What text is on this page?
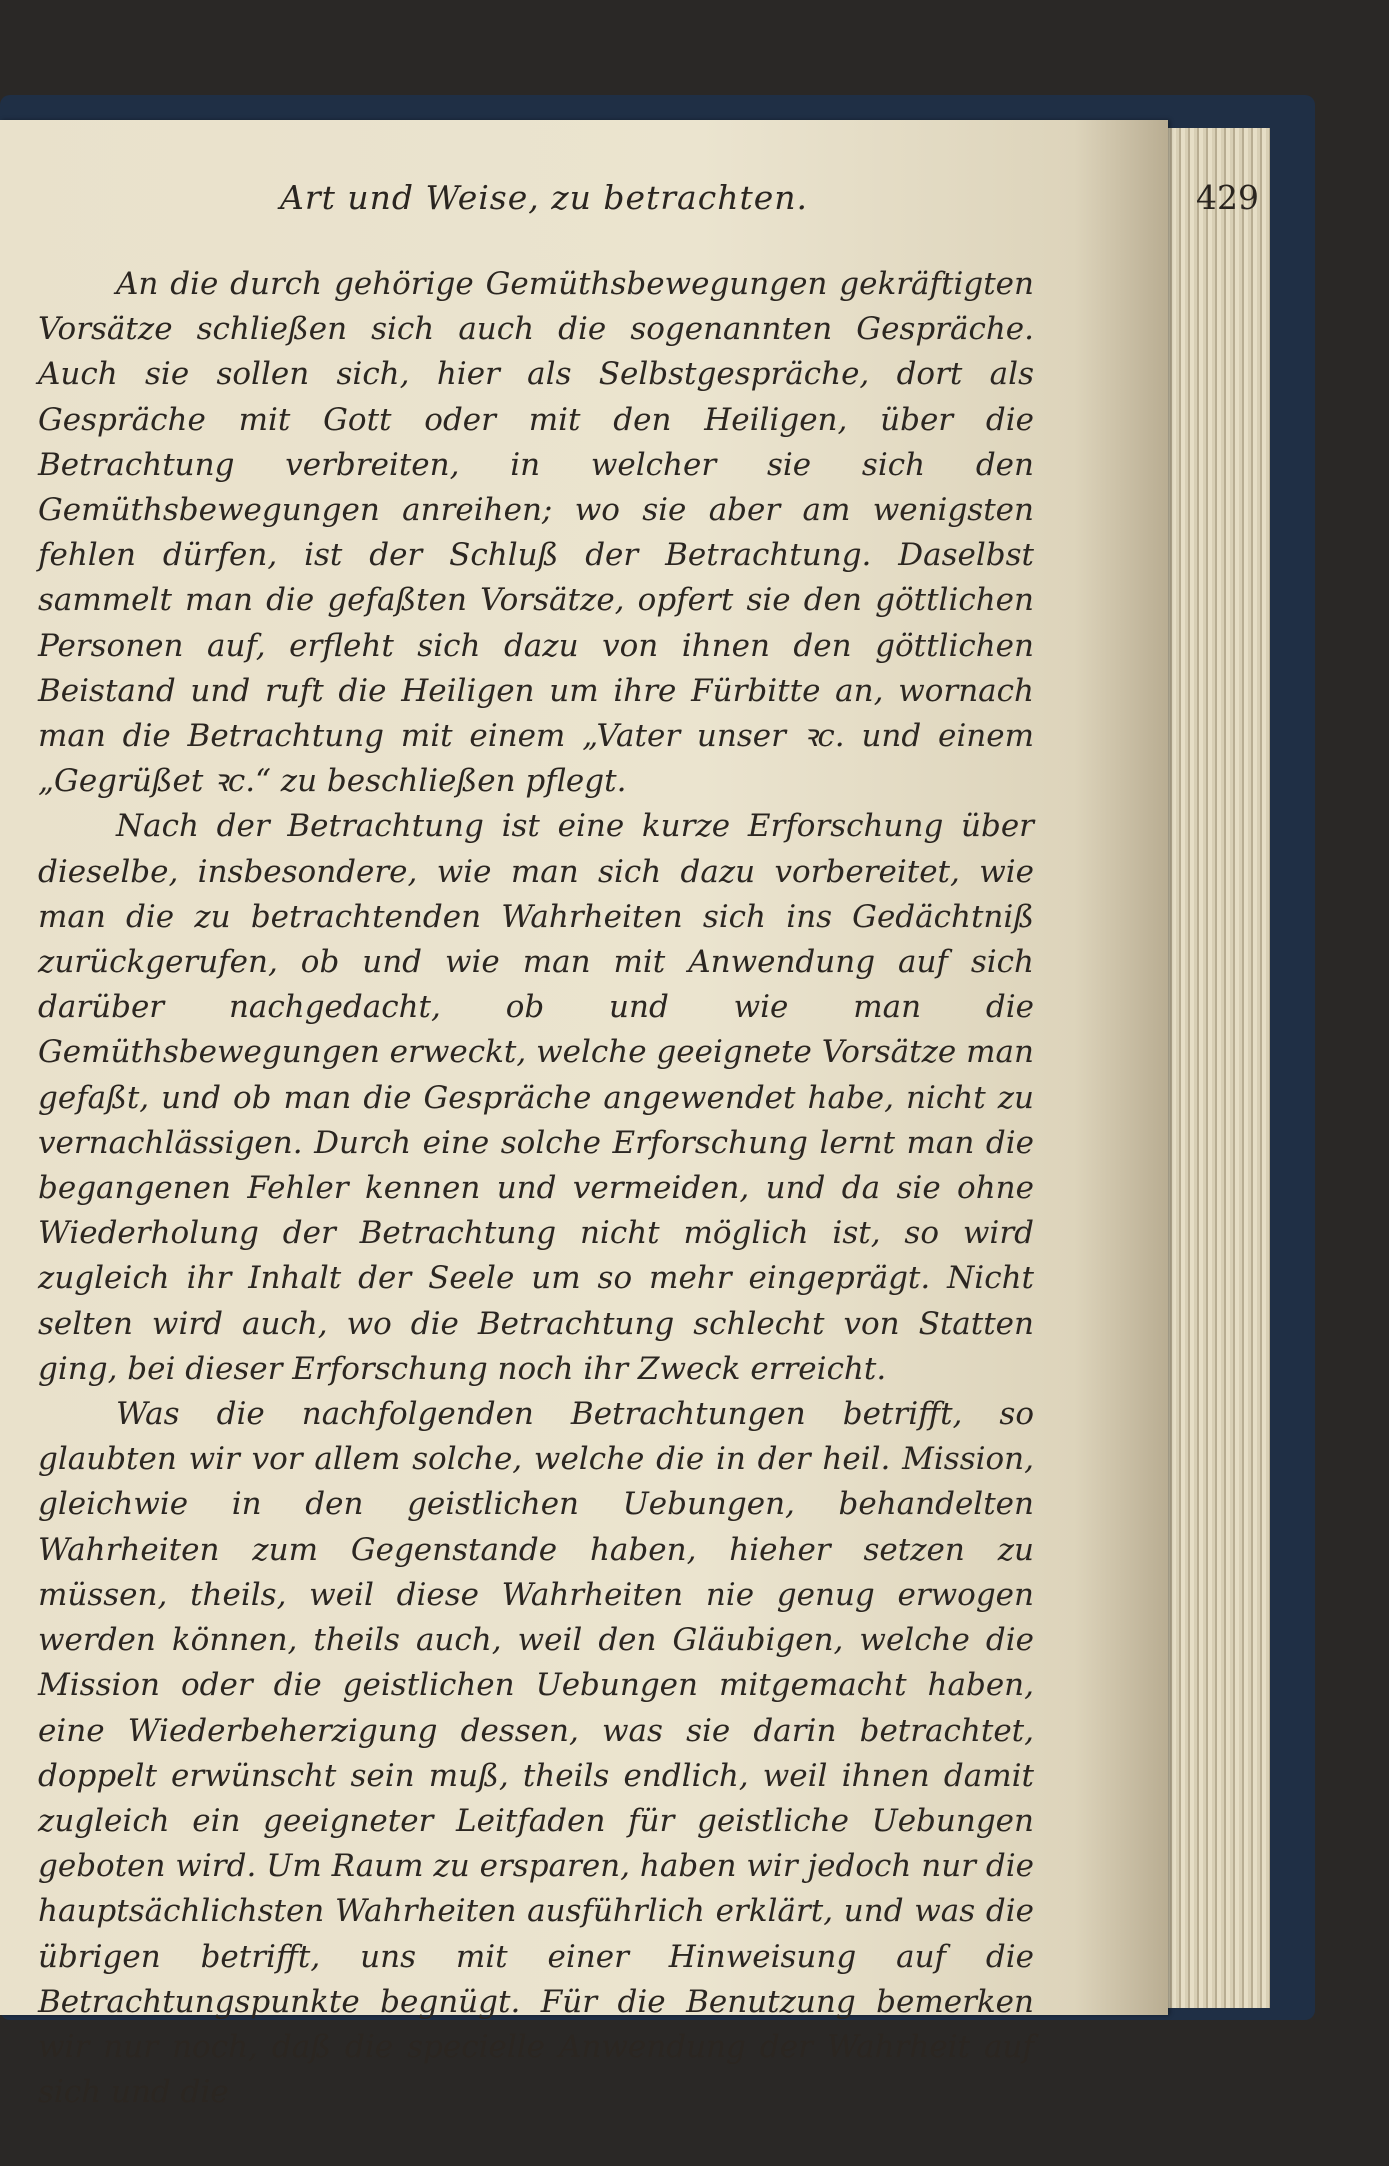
Art und Weise, zu betrachten.	429

An die durch gehörige Gemüthsbewegungen gekräftigten Vorsätze schließen sich auch die sogenannten Gespräche. Auch sie sollen sich, hier als Selbstgespräche, dort als Gespräche mit Gott oder mit den Heiligen, über die Betrachtung verbreiten, in welcher sie sich den Gemüthsbewegungen anreihen; wo sie aber am wenigsten fehlen dürfen, ist der Schluß der Betrachtung. Daselbst sammelt man die gefaßten Vorsätze, opfert sie den göttlichen Personen auf, erfleht sich dazu von ihnen den göttlichen Beistand und ruft die Heiligen um ihre Fürbitte an, wornach man die Betrachtung mit einem „Vater unser ꝛc. und einem „Gegrüßet ꝛc.“ zu beschließen pflegt.

Nach der Betrachtung ist eine kurze Erforschung über dieselbe, insbesondere, wie man sich dazu vorbereitet, wie man die zu betrachtenden Wahrheiten sich ins Gedächtniß zurückgerufen, ob und wie man mit Anwendung auf sich darüber nachgedacht, ob und wie man die Gemüthsbewegungen erweckt, welche geeignete Vorsätze man gefaßt, und ob man die Gespräche angewendet habe, nicht zu vernachlässigen. Durch eine solche Erforschung lernt man die begangenen Fehler kennen und vermeiden, und da sie ohne Wiederholung der Betrachtung nicht möglich ist, so wird zugleich ihr Inhalt der Seele um so mehr eingeprägt. Nicht selten wird auch, wo die Betrachtung schlecht von Statten ging, bei dieser Erforschung noch ihr Zweck erreicht.

Was die nachfolgenden Betrachtungen betrifft, so glaubten wir vor allem solche, welche die in der heil. Mission, gleichwie in den geistlichen Uebungen, behandelten Wahrheiten zum Gegenstande haben, hieher setzen zu müssen, theils, weil diese Wahrheiten nie genug erwogen werden können, theils auch, weil den Gläubigen, welche die Mission oder die geistlichen Uebungen mitgemacht haben, eine Wiederbeherzigung dessen, was sie darin betrachtet, doppelt erwünscht sein muß, theils endlich, weil ihnen damit zugleich ein geeigneter Leitfaden für geistliche Uebungen geboten wird. Um Raum zu ersparen, haben wir jedoch nur die hauptsächlichsten Wahrheiten ausführlich erklärt, und was die übrigen betrifft, uns mit einer Hinweisung auf die Betrachtungspunkte begnügt. Für die Benutzung bemerken wir nur noch, daß die specielle Anwendung der Wahrheit auf sich und die
